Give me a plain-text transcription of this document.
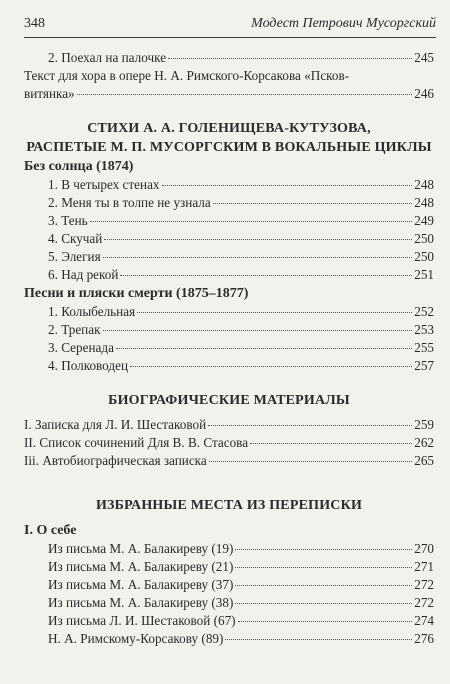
348	Модест Петрович Мусоргский
2. Поехал на палочке	245
Текст для хора в опере Н. А. Римского-Корсакова «Псков-
витянка»	246
СТИХИ А. А. ГОЛЕНИЩЕВА-КУТУЗОВА,
РАСПЕТЫЕ М. П. МУСОРГСКИМ В ВОКАЛЬНЫЕ ЦИКЛЫ
Без солнца (1874)
1. В четырех стенах	248
2. Меня ты в толпе не узнала	248
3. Тень	249
4. Скучай	250
5. Элегия	250
6. Над рекой	251
Песни и пляски смерти (1875–1877)
1. Колыбельная	252
2. Трепак	253
3. Серенада	255
4. Полководец	257
БИОГРАФИЧЕСКИЕ МАТЕРИАЛЫ
I. Записка для Л. И. Шестаковой	259
II. Список сочинений Для В. В. Стасова	262
Iii. Автобиографическая записка	265
ИЗБРАННЫЕ МЕСТА ИЗ ПЕРЕПИСКИ
I. О себе
Из письма М. А. Балакиреву (19)	270
Из письма М. А. Балакиреву (21)	271
Из письма М. А. Балакиреву (37)	272
Из письма М. А. Балакиреву (38)	272
Из письма Л. И. Шестаковой (67)	274
Н. А. Римскому-Корсакову (89)	276
